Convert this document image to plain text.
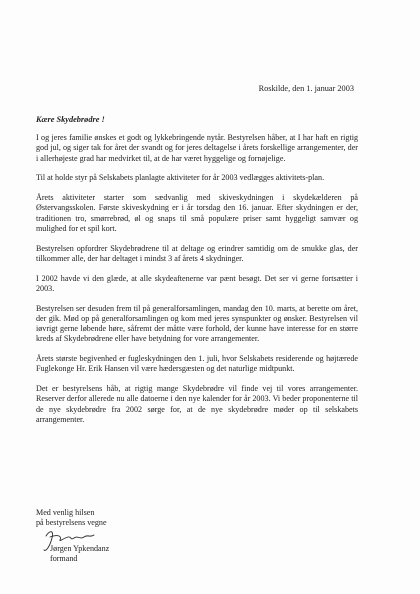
Roskilde, den 1. januar 2003
Kære Skydebrødre !

I og jeres familie ønskes et godt og lykkebringende nytår. Bestyrelsen håber, at I har haft en rigtig god jul, og siger tak for året der svandt og for jeres deltagelse i årets forskellige arrangementer, der i allerhøjeste grad har medvirket til, at de har været hyggelige og fornøjelige.

Til at holde styr på Selskabets planlagte aktiviteter for år 2003 vedlægges aktivitets-plan.

Årets aktiviteter starter som sædvanlig med skiveskydningen i skydekælderen på Østervangsskolen. Første skiveskydning er i år torsdag den 16. januar. Efter skydningen er der, traditionen tro, smørrebrød, øl og snaps til små populære priser samt hyggeligt samvær og mulighed for et spil kort.

Bestyrelsen opfordrer Skydebrødrene til at deltage og erindrer samtidig om de smukke glas, der tilkommer alle, der har deltaget i mindst 3 af årets 4 skydninger.

I 2002 havde vi den glæde, at alle skydeaftenerne var pænt besøgt. Det ser vi gerne fortsætter i 2003.

Bestyrelsen ser desuden frem til på generalforsamlingen, mandag den 10. marts, at berette om året, der gik. Mød op på generalforsamlingen og kom med jeres synspunkter og ønsker. Bestyrelsen vil iøvrigt gerne løbende høre, såfremt der måtte være forhold, der kunne have interesse for en større kreds af Skydebrødrene eller have betydning for vore arrangementer.

Årets største begivenhed er fugleskydningen den 1. juli, hvor Selskabets residerende og højtærede Fuglekonge Hr. Erik Hansen vil være hædersgæsten og det naturlige midtpunkt.

Det er bestyrelsens håb, at rigtig mange Skydebrødre vil finde vej til vores arrangementer. Reserver derfor allerede nu alle datoerne i den nye kalender for år 2003. Vi beder proponenterne til de nye skydebrødre fra 2002 sørge for, at de nye skydebrødre møder op til selskabets arrangementer.

Med venlig hilsen
på bestyrelsens vegne
Jørgen Ypkendanz
formand
